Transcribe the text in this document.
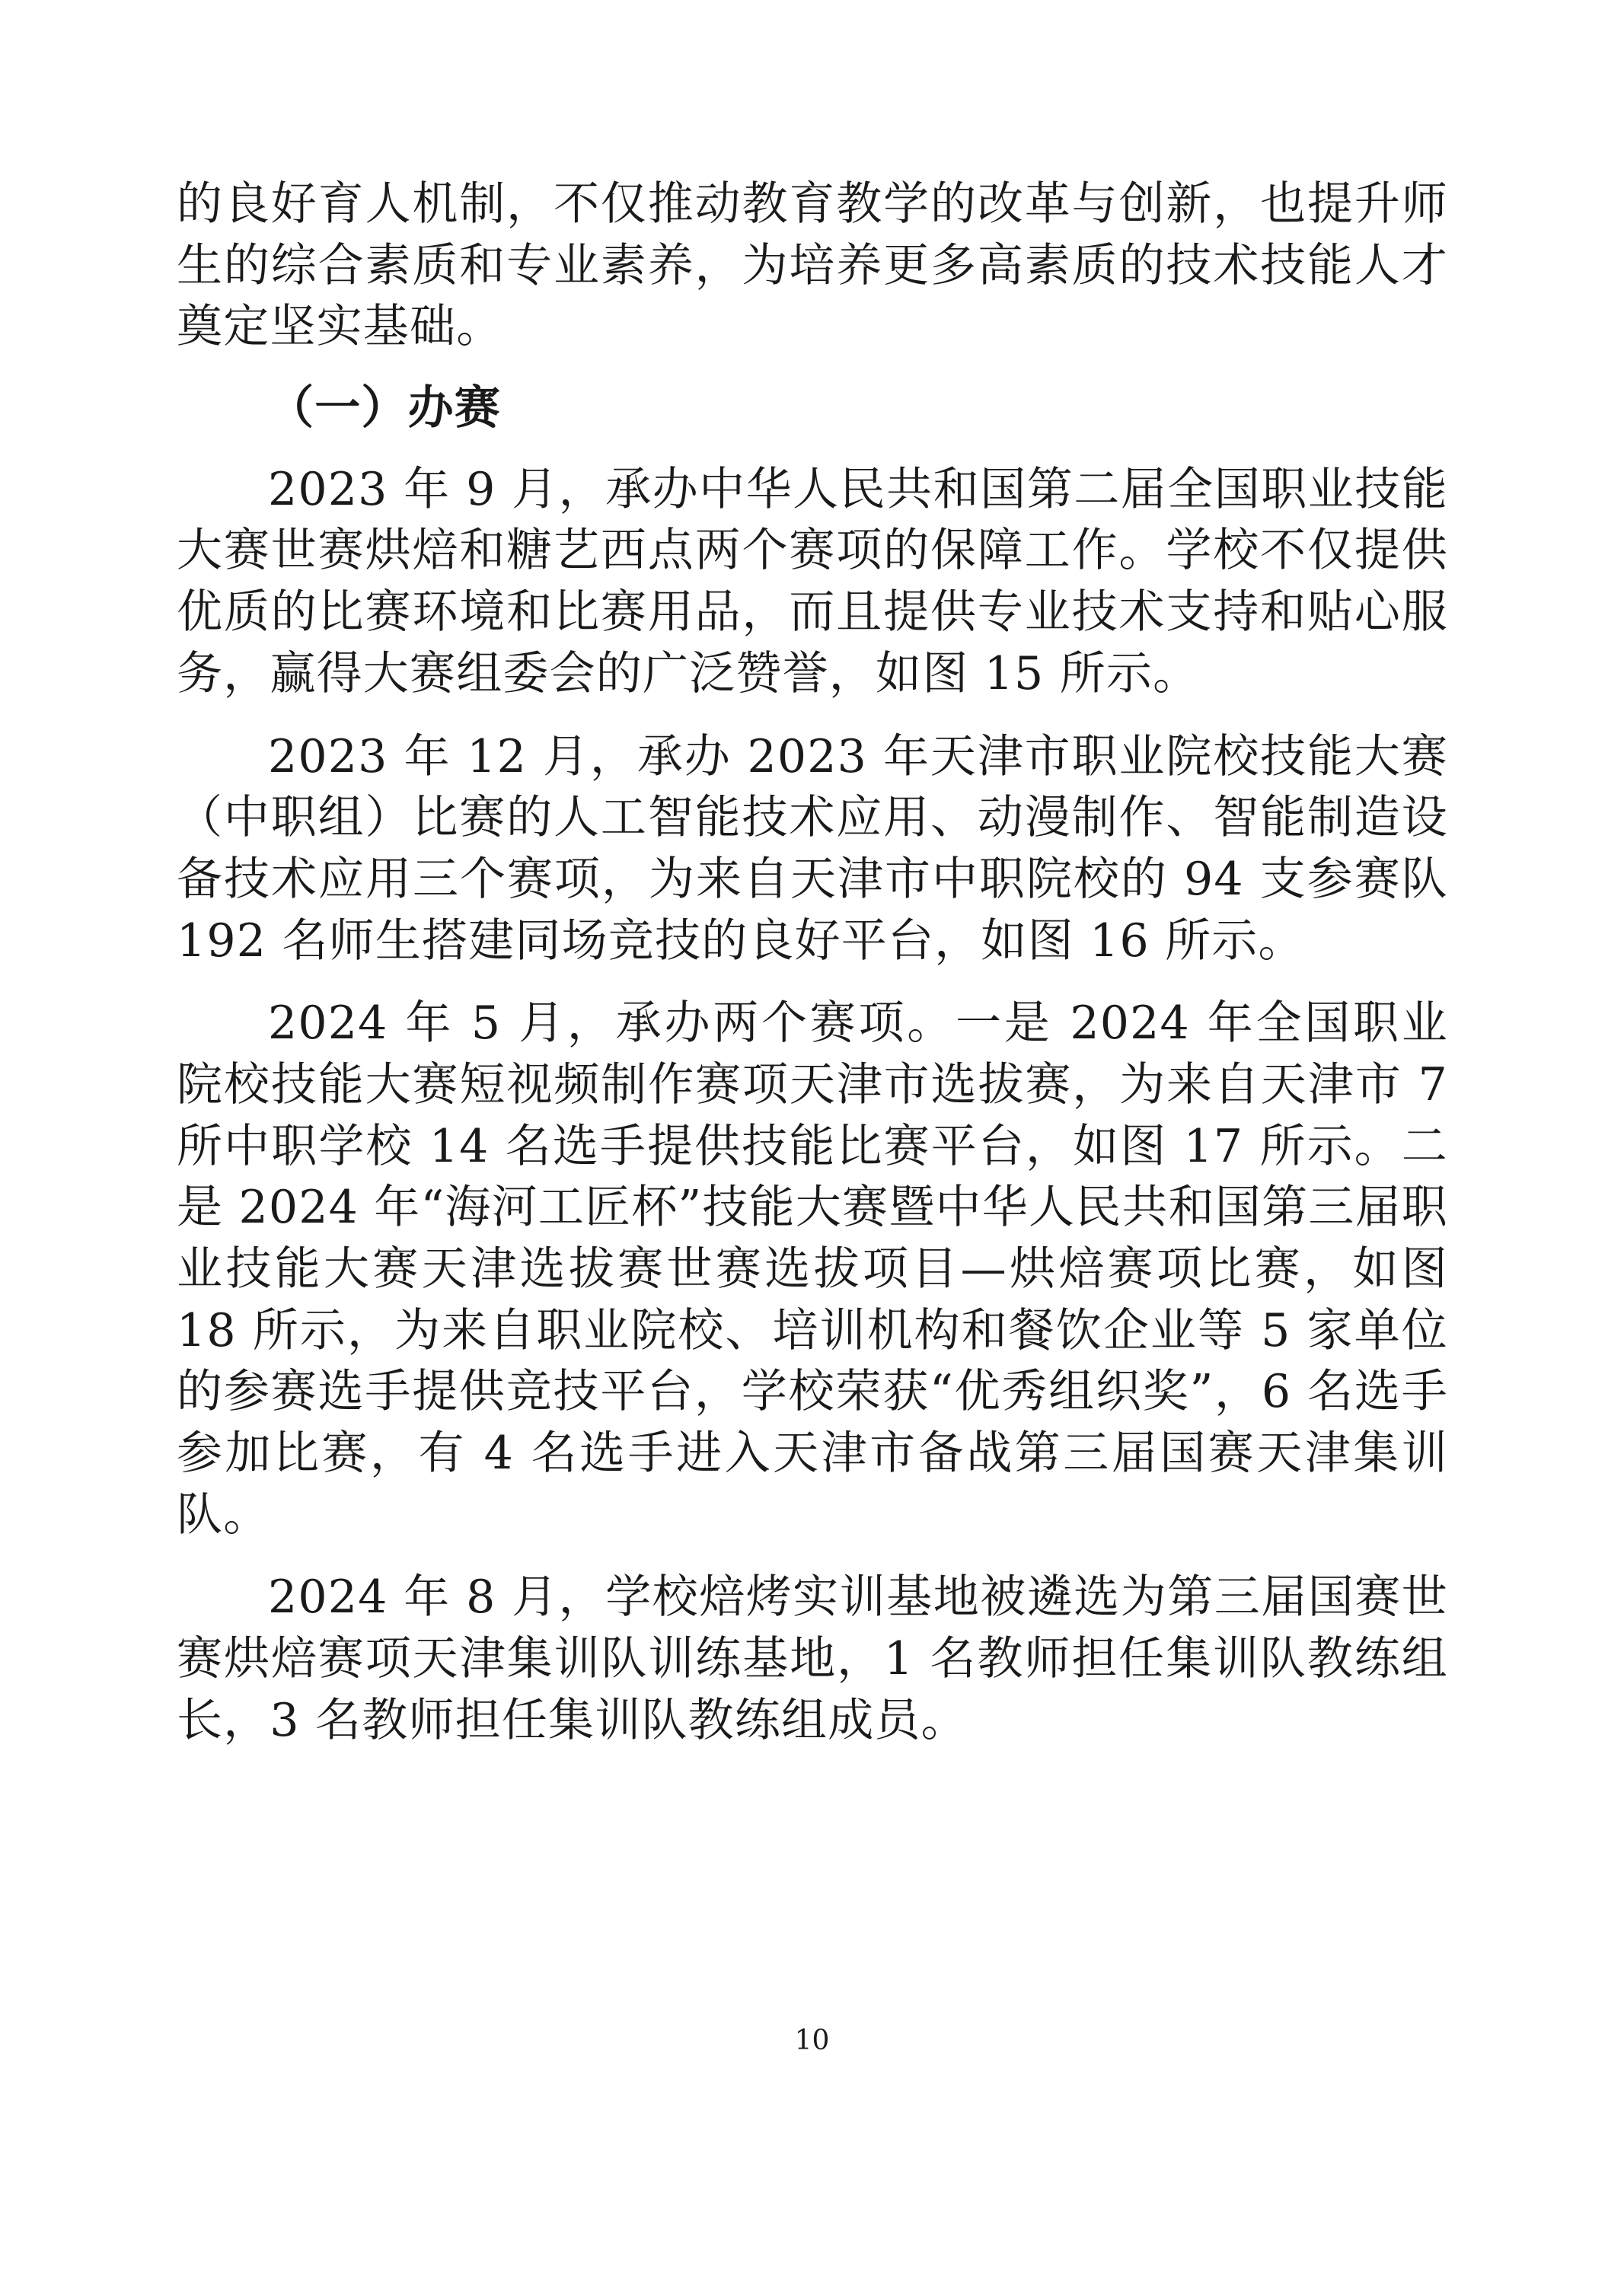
的良好育人机制，不仅推动教育教学的改革与创新，也提升师生的综合素质和专业素养，为培养更多高素质的技术技能人才奠定坚实基础。

（一）办赛

2023 年 9 月，承办中华人民共和国第二届全国职业技能大赛世赛烘焙和糖艺西点两个赛项的保障工作。学校不仅提供优质的比赛环境和比赛用品，而且提供专业技术支持和贴心服务，赢得大赛组委会的广泛赞誉，如图 15 所示。

2023 年 12 月，承办 2023 年天津市职业院校技能大赛（中职组）比赛的人工智能技术应用、动漫制作、智能制造设备技术应用三个赛项，为来自天津市中职院校的 94 支参赛队 192 名师生搭建同场竞技的良好平台，如图 16 所示。

2024 年 5 月，承办两个赛项。一是 2024 年全国职业院校技能大赛短视频制作赛项天津市选拔赛，为来自天津市 7 所中职学校 14 名选手提供技能比赛平台，如图 17 所示。二是 2024 年“海河工匠杯”技能大赛暨中华人民共和国第三届职业技能大赛天津选拔赛世赛选拔项目—烘焙赛项比赛，如图 18 所示，为来自职业院校、培训机构和餐饮企业等 5 家单位的参赛选手提供竞技平台，学校荣获“优秀组织奖”，6 名选手参加比赛，有 4 名选手进入天津市备战第三届国赛天津集训队。

2024 年 8 月，学校焙烤实训基地被遴选为第三届国赛世赛烘焙赛项天津集训队训练基地，1 名教师担任集训队教练组长，3 名教师担任集训队教练组成员。

10
